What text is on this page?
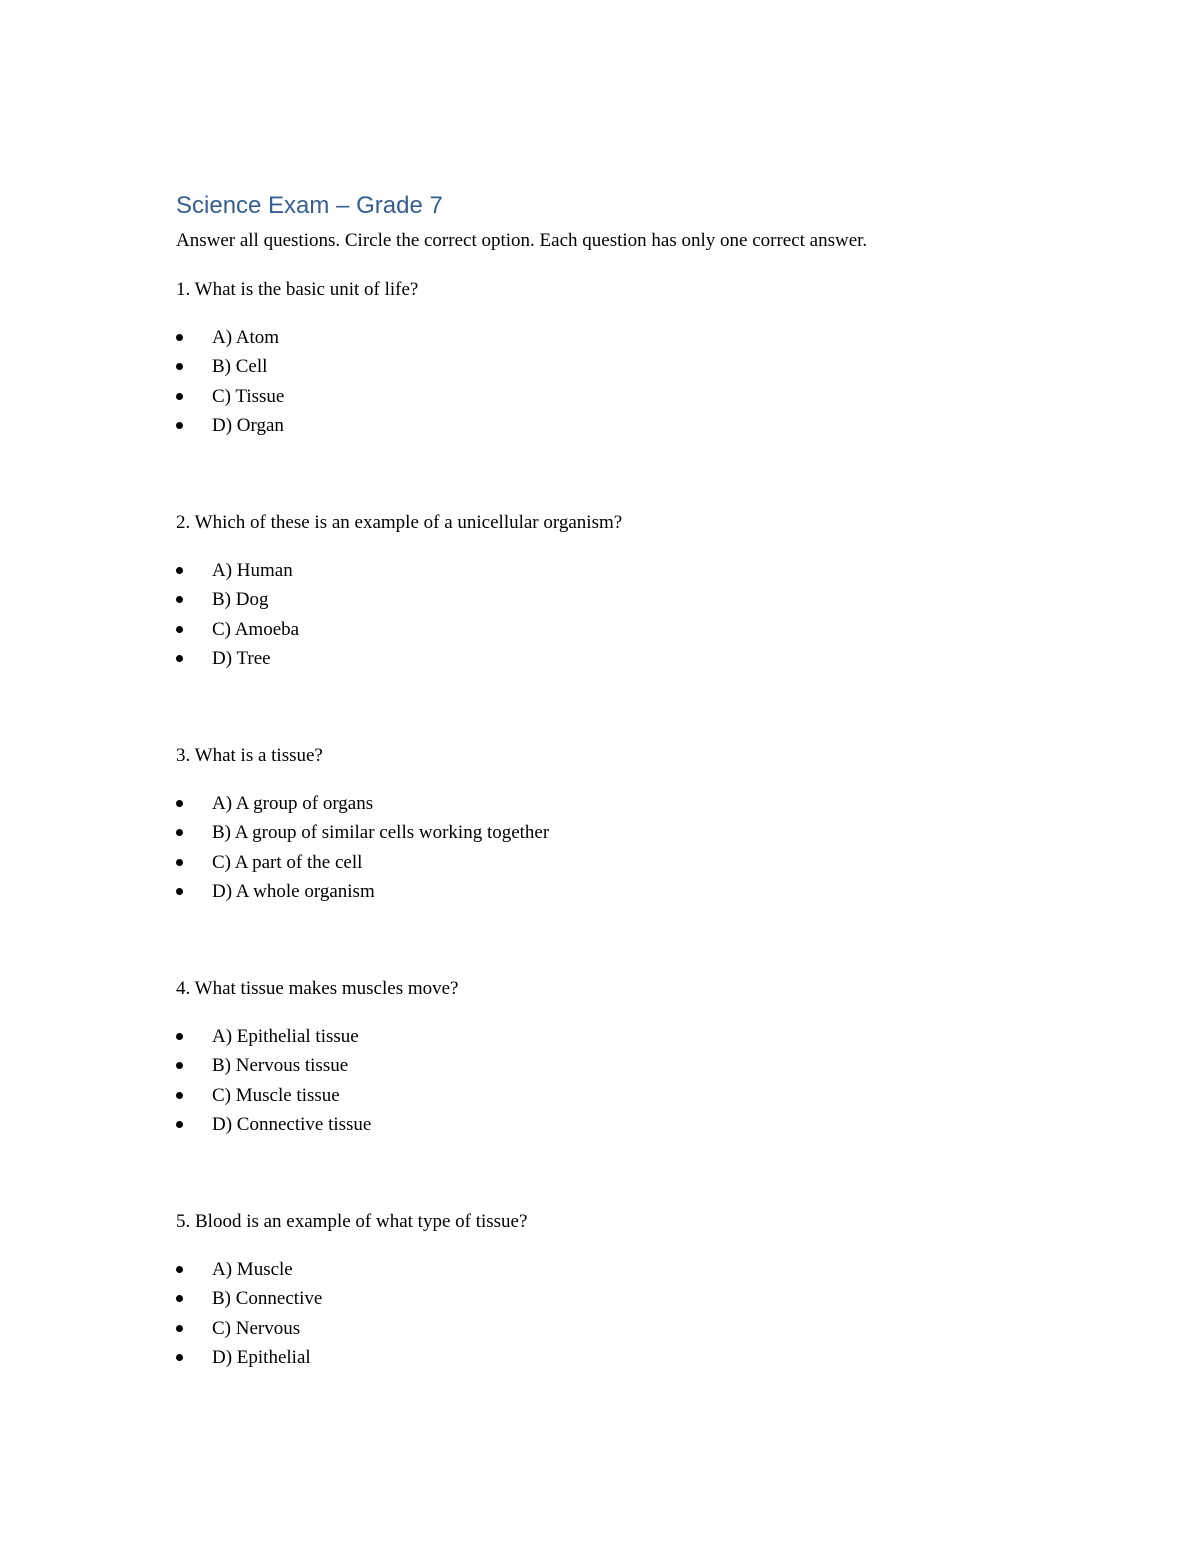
Science Exam – Grade 7

Answer all questions. Circle the correct option. Each question has only one correct answer.

1. What is the basic unit of life?

A) Atom
B) Cell
C) Tissue
D) Organ

2. Which of these is an example of a unicellular organism?

A) Human
B) Dog
C) Amoeba
D) Tree

3. What is a tissue?

A) A group of organs
B) A group of similar cells working together
C) A part of the cell
D) A whole organism

4. What tissue makes muscles move?

A) Epithelial tissue
B) Nervous tissue
C) Muscle tissue
D) Connective tissue

5. Blood is an example of what type of tissue?

A) Muscle
B) Connective
C) Nervous
D) Epithelial
